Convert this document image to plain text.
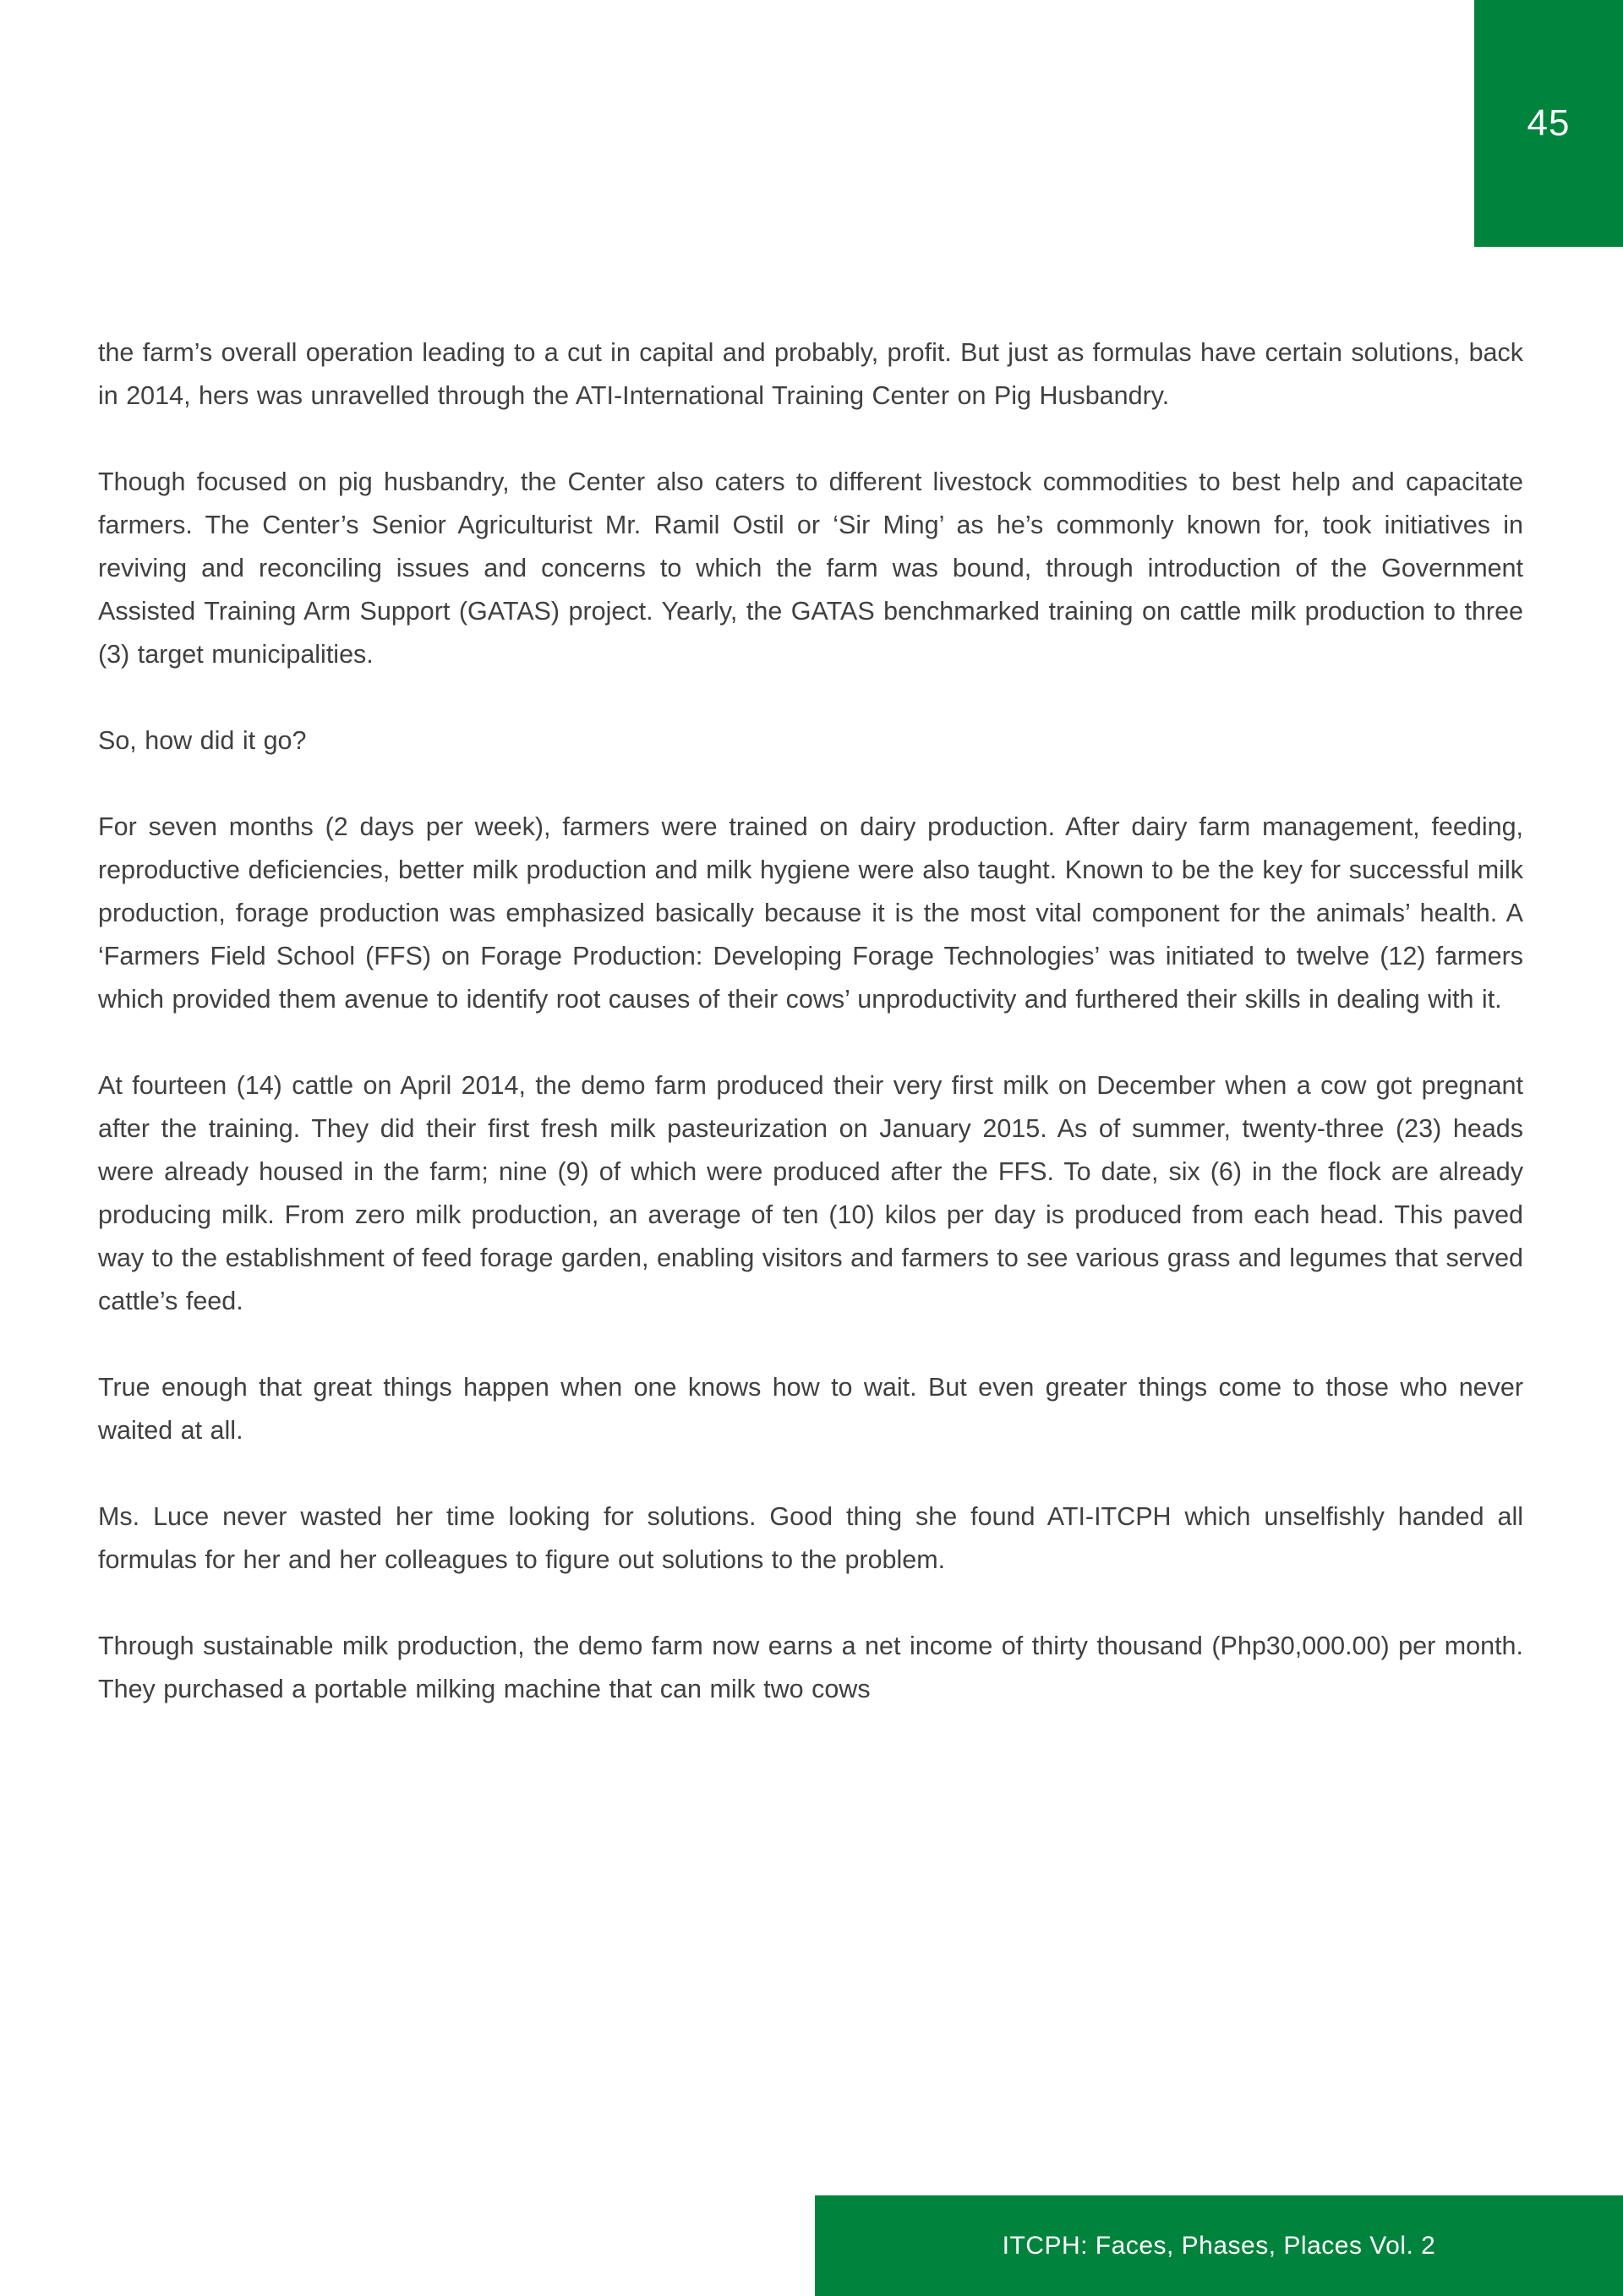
45

the farm’s overall operation leading to a cut in capital and probably, profit. But just as formulas have certain solutions, back in 2014, hers was unravelled through the ATI-International Training Center on Pig Husbandry.

Though focused on pig husbandry, the Center also caters to different livestock commodities to best help and capacitate farmers. The Center’s Senior Agriculturist Mr. Ramil Ostil or ‘Sir Ming’ as he’s commonly known for, took initiatives in reviving and reconciling issues and concerns to which the farm was bound, through introduction of the Government Assisted Training Arm Support (GATAS) project. Yearly, the GATAS benchmarked training on cattle milk production to three (3) target municipalities.

So, how did it go?

For seven months (2 days per week), farmers were trained on dairy production. After dairy farm management, feeding, reproductive deficiencies, better milk production and milk hygiene were also taught. Known to be the key for successful milk production, forage production was emphasized basically because it is the most vital component for the animals’ health. A ‘Farmers Field School (FFS) on Forage Production: Developing Forage Technologies’ was initiated to twelve (12) farmers which provided them avenue to identify root causes of their cows’ unproductivity and furthered their skills in dealing with it.

At fourteen (14) cattle on April 2014, the demo farm produced their very first milk on December when a cow got pregnant after the training. They did their first fresh milk pasteurization on January 2015. As of summer, twenty-three (23) heads were already housed in the farm; nine (9) of which were produced after the FFS. To date, six (6) in the flock are already producing milk. From zero milk production, an average of ten (10) kilos per day is produced from each head. This paved way to the establishment of feed forage garden, enabling visitors and farmers to see various grass and legumes that served cattle’s feed.

True enough that great things happen when one knows how to wait. But even greater things come to those who never waited at all.

Ms. Luce never wasted her time looking for solutions. Good thing she found ATI-ITCPH which unselfishly handed all formulas for her and her colleagues to figure out solutions to the problem.

Through sustainable milk production, the demo farm now earns a net income of thirty thousand (Php30,000.00) per month. They purchased a portable milking machine that can milk two cows

ITCPH: Faces, Phases, Places Vol. 2
